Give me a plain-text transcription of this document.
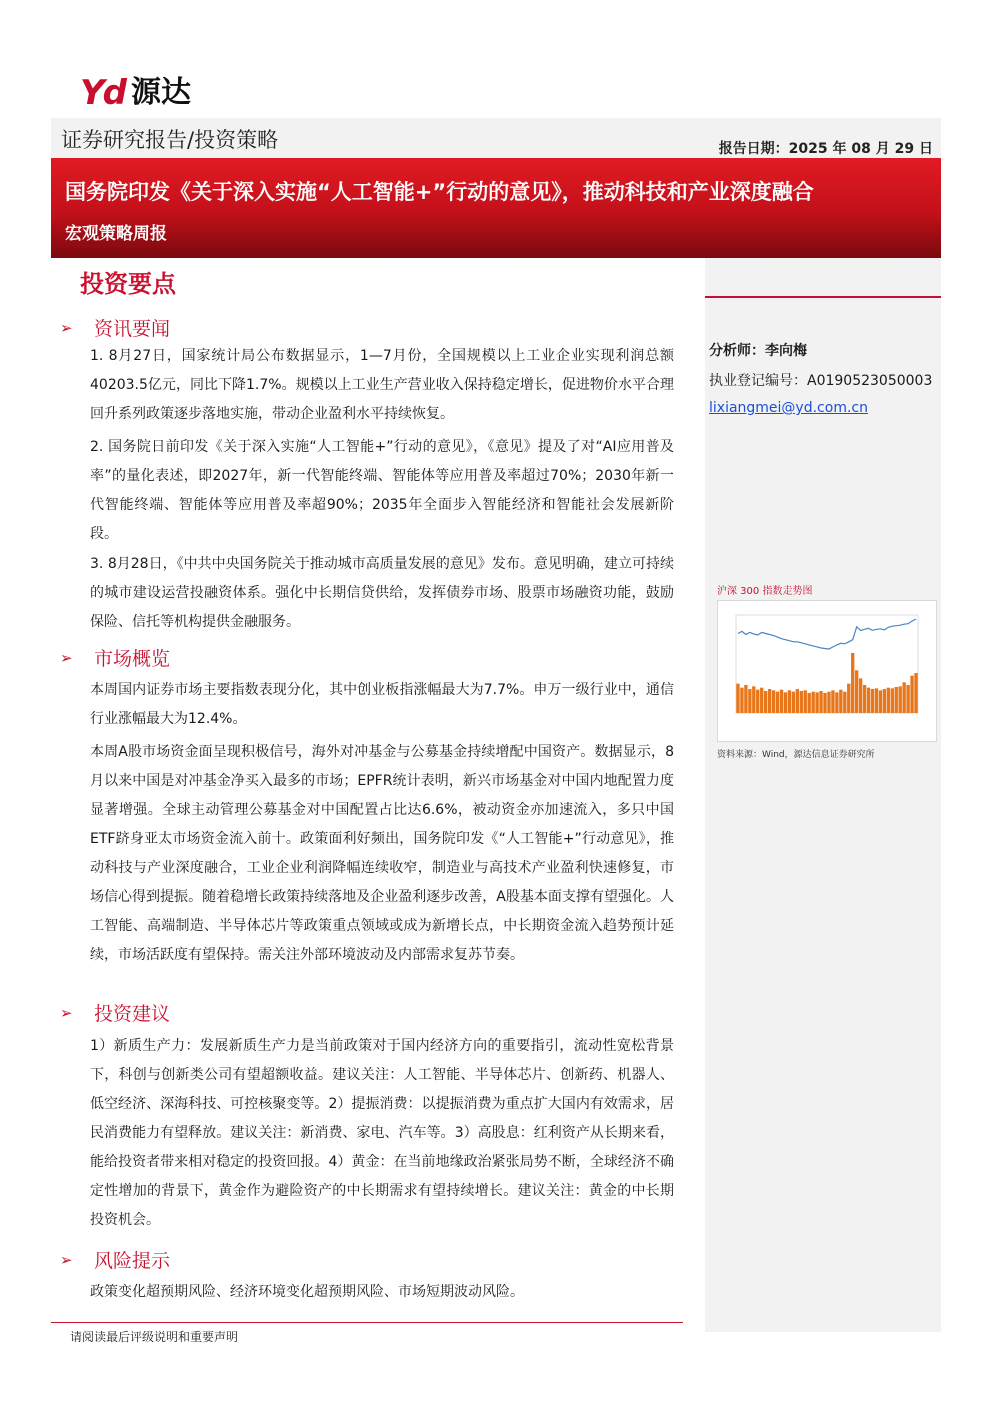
Yd 源达
证券研究报告/投资策略	报告日期：2025 年 08 月 29 日
国务院印发《关于深入实施“人工智能+”行动的意见》，推动科技和产业深度融合
宏观策略周报
分析师：李向梅
执业登记编号：A0190523050003
lixiangmei@yd.com.cn
沪深 300 指数走势图
资料来源：Wind，源达信息证券研究所
投资要点
➢	资讯要闻
1. 8月27日，国家统计局公布数据显示，1—7月份，全国规模以上工业企业实现利润总额40203.5亿元，同比下降1.7%。规模以上工业生产营业收入保持稳定增长，促进物价水平合理回升系列政策逐步落地实施，带动企业盈利水平持续恢复。
2. 国务院日前印发《关于深入实施“人工智能+”行动的意见》，《意见》提及了对“AI应用普及率”的量化表述，即2027年，新一代智能终端、智能体等应用普及率超过70%；2030年新一代智能终端、智能体等应用普及率超90%；2035年全面步入智能经济和智能社会发展新阶段。
3. 8月28日，《中共中央国务院关于推动城市高质量发展的意见》发布。意见明确，建立可持续的城市建设运营投融资体系。强化中长期信贷供给，发挥债券市场、股票市场融资功能，鼓励保险、信托等机构提供金融服务。
➢	市场概览
本周国内证券市场主要指数表现分化，其中创业板指涨幅最大为7.7%。申万一级行业中，通信行业涨幅最大为12.4%。
本周A股市场资金面呈现积极信号，海外对冲基金与公募基金持续增配中国资产。数据显示，8月以来中国是对冲基金净买入最多的市场；EPFR统计表明，新兴市场基金对中国内地配置力度显著增强。全球主动管理公募基金对中国配置占比达6.6%，被动资金亦加速流入，多只中国ETF跻身亚太市场资金流入前十。政策面利好频出，国务院印发《“人工智能+”行动意见》，推动科技与产业深度融合，工业企业利润降幅连续收窄，制造业与高技术产业盈利快速修复，市场信心得到提振。随着稳增长政策持续落地及企业盈利逐步改善，A股基本面支撑有望强化。人工智能、高端制造、半导体芯片等政策重点领域或成为新增长点，中长期资金流入趋势预计延续，市场活跃度有望保持。需关注外部环境波动及内部需求复苏节奏。
➢	投资建议
1）新质生产力：发展新质生产力是当前政策对于国内经济方向的重要指引，流动性宽松背景下，科创与创新类公司有望超额收益。建议关注：人工智能、半导体芯片、创新药、机器人、低空经济、深海科技、可控核聚变等。2）提振消费：以提振消费为重点扩大国内有效需求，居民消费能力有望释放。建议关注：新消费、家电、汽车等。3）高股息：红利资产从长期来看，能给投资者带来相对稳定的投资回报。4）黄金：在当前地缘政治紧张局势不断，全球经济不确定性增加的背景下，黄金作为避险资产的中长期需求有望持续增长。建议关注：黄金的中长期投资机会。
➢	风险提示
政策变化超预期风险、经济环境变化超预期风险、市场短期波动风险。
请阅读最后评级说明和重要声明
